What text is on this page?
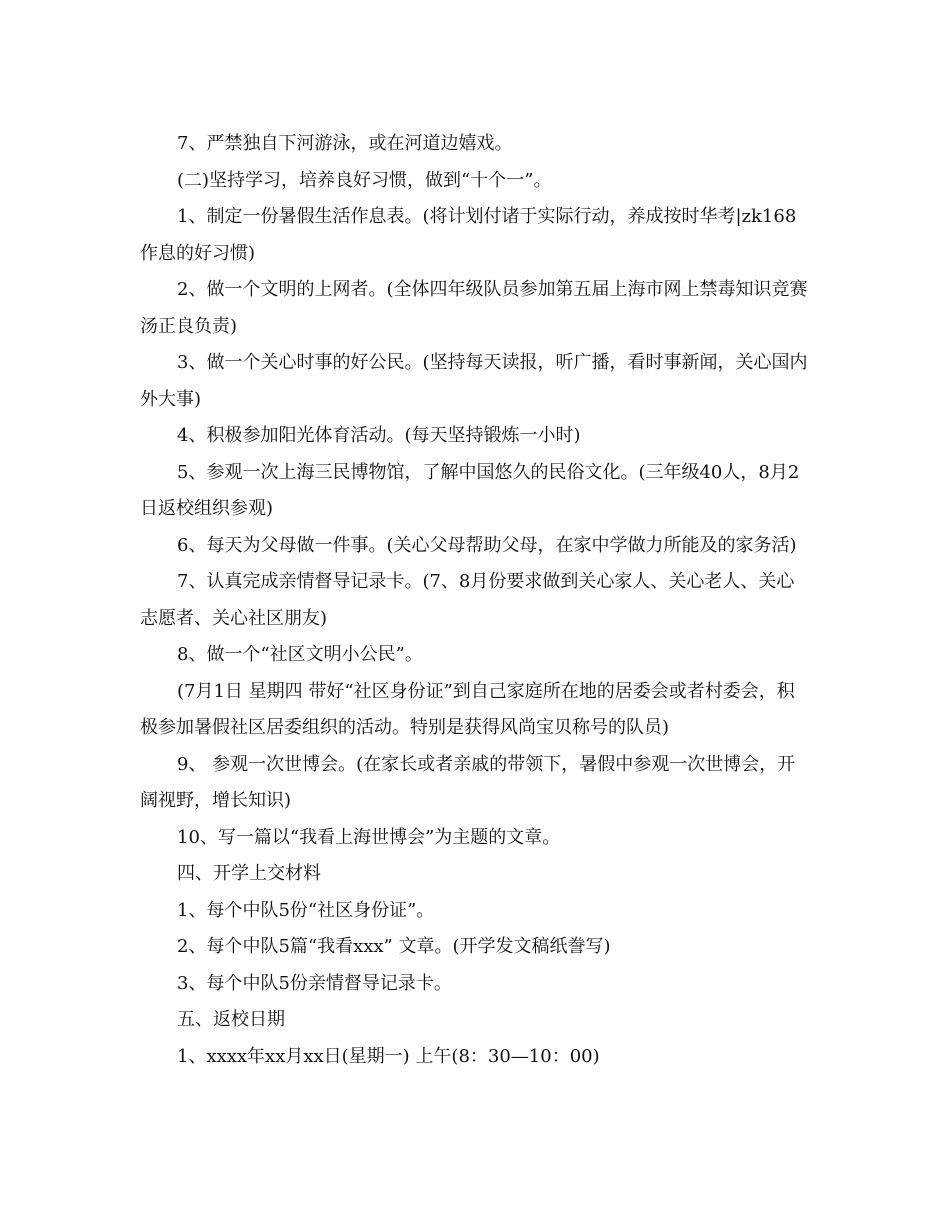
7、严禁独自下河游泳，或在河道边嬉戏。

(二)坚持学习，培养良好习惯，做到“十个一”。

1、制定一份暑假生活作息表。(将计划付诸于实际行动，养成按时华考|zk168作息的好习惯)

2、做一个文明的上网者。(全体四年级队员参加第五届上海市网上禁毒知识竞赛 汤正良负责)

3、做一个关心时事的好公民。(坚持每天读报，听广播，看时事新闻，关心国内外大事)

4、积极参加阳光体育活动。(每天坚持锻炼一小时)

5、参观一次上海三民博物馆，了解中国悠久的民俗文化。(三年级40人，8月2日返校组织参观)

6、每天为父母做一件事。(关心父母帮助父母，在家中学做力所能及的家务活)

7、认真完成亲情督导记录卡。(7、8月份要求做到关心家人、关心老人、关心志愿者、关心社区朋友)

8、做一个“社区文明小公民”。

(7月1日 星期四 带好“社区身份证”到自己家庭所在地的居委会或者村委会，积极参加暑假社区居委组织的活动。特别是获得风尚宝贝称号的队员)

9、 参观一次世博会。(在家长或者亲戚的带领下，暑假中参观一次世博会，开阔视野，增长知识)

10、写一篇以“我看上海世博会”为主题的文章。

四、开学上交材料

1、每个中队5份“社区身份证”。

2、每个中队5篇“我看xxx” 文章。(开学发文稿纸誊写)

3、每个中队5份亲情督导记录卡。

五、返校日期

1、xxxx年xx月xx日(星期一) 上午(8：30—10：00)
